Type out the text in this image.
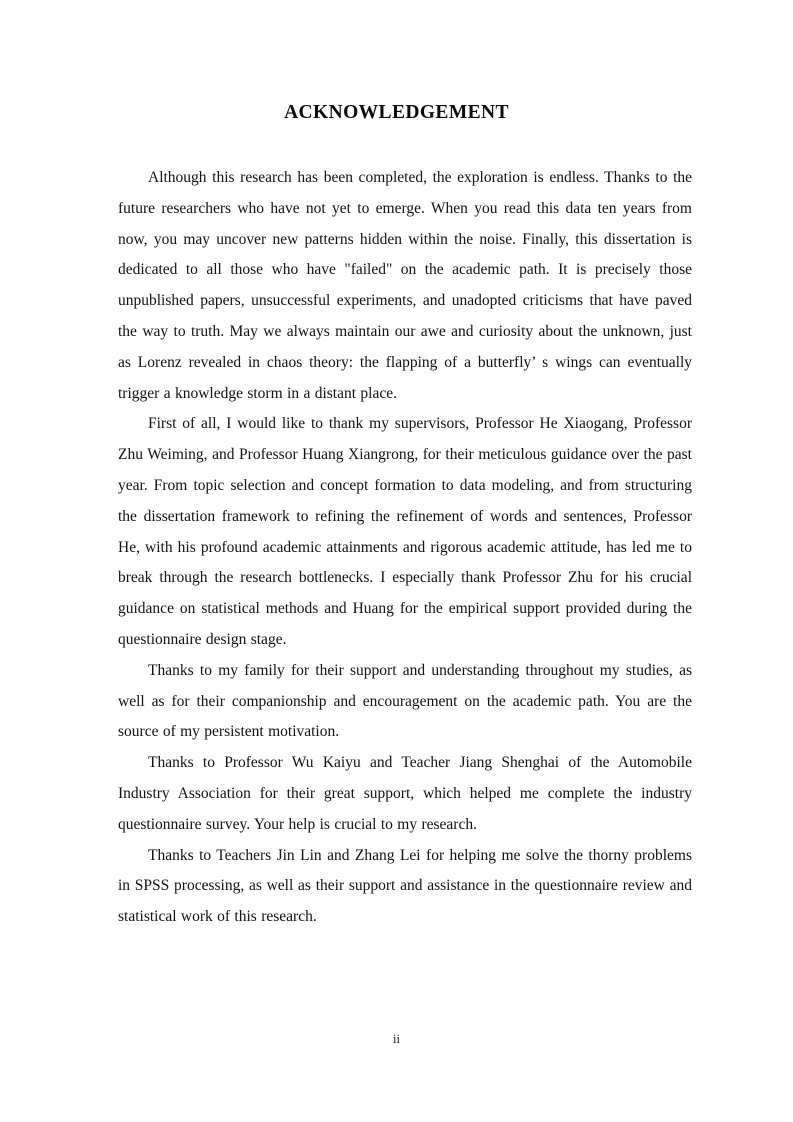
ACKNOWLEDGEMENT

Although this research has been completed, the exploration is endless. Thanks to the future researchers who have not yet to emerge. When you read this data ten years from now, you may uncover new patterns hidden within the noise. Finally, this dissertation is dedicated to all those who have "failed" on the academic path. It is precisely those unpublished papers, unsuccessful experiments, and unadopted criticisms that have paved the way to truth. May we always maintain our awe and curiosity about the unknown, just as Lorenz revealed in chaos theory: the flapping of a butterfly’ s wings can eventually trigger a knowledge storm in a distant place.

First of all, I would like to thank my supervisors, Professor He Xiaogang, Professor Zhu Weiming, and Professor Huang Xiangrong, for their meticulous guidance over the past year. From topic selection and concept formation to data modeling, and from structuring the dissertation framework to refining the refinement of words and sentences, Professor He, with his profound academic attainments and rigorous academic attitude, has led me to break through the research bottlenecks. I especially thank Professor Zhu for his crucial guidance on statistical methods and Huang for the empirical support provided during the questionnaire design stage.

Thanks to my family for their support and understanding throughout my studies, as well as for their companionship and encouragement on the academic path. You are the source of my persistent motivation.

Thanks to Professor Wu Kaiyu and Teacher Jiang Shenghai of the Automobile Industry Association for their great support, which helped me complete the industry questionnaire survey. Your help is crucial to my research.

Thanks to Teachers Jin Lin and Zhang Lei for helping me solve the thorny problems in SPSS processing, as well as their support and assistance in the questionnaire review and statistical work of this research.

ii
